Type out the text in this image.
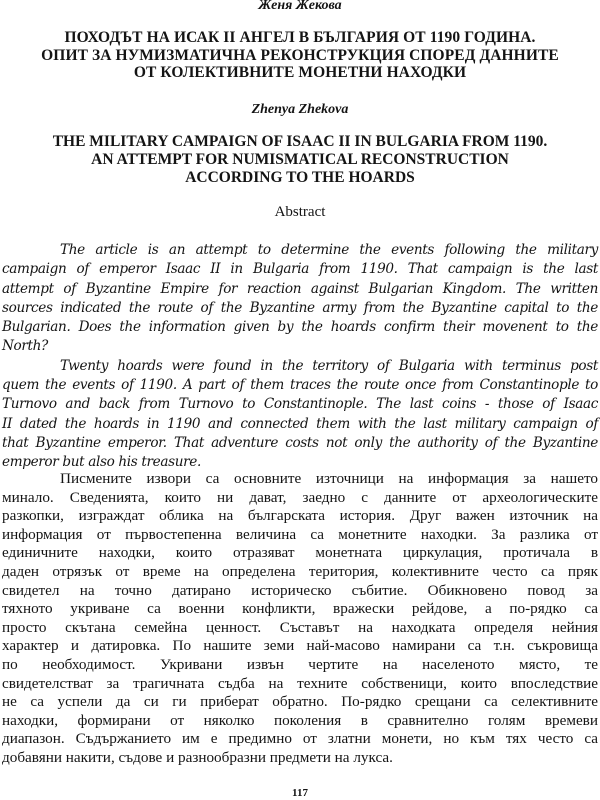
Женя Жекова
ПОХОДЪТ НА ИСАК II АНГЕЛ В БЪЛГАРИЯ ОТ 1190 ГОДИНА.
ОПИТ ЗА НУМИЗМАТИЧНА РЕКОНСТРУКЦИЯ СПОРЕД ДАННИТЕ
ОТ КОЛЕКТИВНИТЕ МОНЕТНИ НАХОДКИ
Zhenya Zhekova
THE MILITARY CAMPAIGN OF ISAAC II IN BULGARIA FROM 1190.
AN ATTEMPT FOR NUMISMATICAL RECONSTRUCTION
ACCORDING TO THE HOARDS
Abstract
The article is an attempt to determine the events following the military
campaign of emperor Isaac II in Bulgaria from 1190. That campaign is the last
attempt of Byzantine Empire for reaction against Bulgarian Kingdom. The written
sources indicated the route of the Byzantine army from the Byzantine capital to the
Bulgarian. Does the information given by the hoards confirm their movenent to the
North?
Twenty hoards were found in the territory of Bulgaria with terminus post
quem the events of 1190. A part of them traces the route once from Constantinople to
Turnovo and back from Turnovo to Constantinople. The last coins - those of Isaac
II dated the hoards in 1190 and connected them with the last military campaign of
that Byzantine emperor. That adventure costs not only the authority of the Byzantine
emperor but also his treasure.
Писмените извори са основните източници на информация за нашето
минало. Сведенията, които ни дават, заедно с данните от археологическите
разкопки, изграждат облика на българската история. Друг важен източник на
информация от първостепенна величина са монетните находки. За разлика от
единичните находки, които отразяват монетната циркулация, протичала в
даден отрязък от време на определена територия, колективните често са пряк
свидетел на точно датирано историческо събитие. Обикновено повод за
тяхното укриване са военни конфликти, вражески рейдове, а по-рядко са
просто скътана семейна ценност. Съставът на находката определя нейния
характер и датировка. По нашите земи най-масово намирани са т.н. съкровища
по необходимост. Укривани извън чертите на населеното място, те
свидетелстват за трагичната съдба на техните собственици, които впоследствие
не са успели да си ги приберат обратно. По-рядко срещани са селективните
находки, формирани от няколко поколения в сравнително голям времеви
диапазон. Съдържанието им е предимно от златни монети, но към тях често са
добавяни накити, съдове и разнообразни предмети на лукса.
117
